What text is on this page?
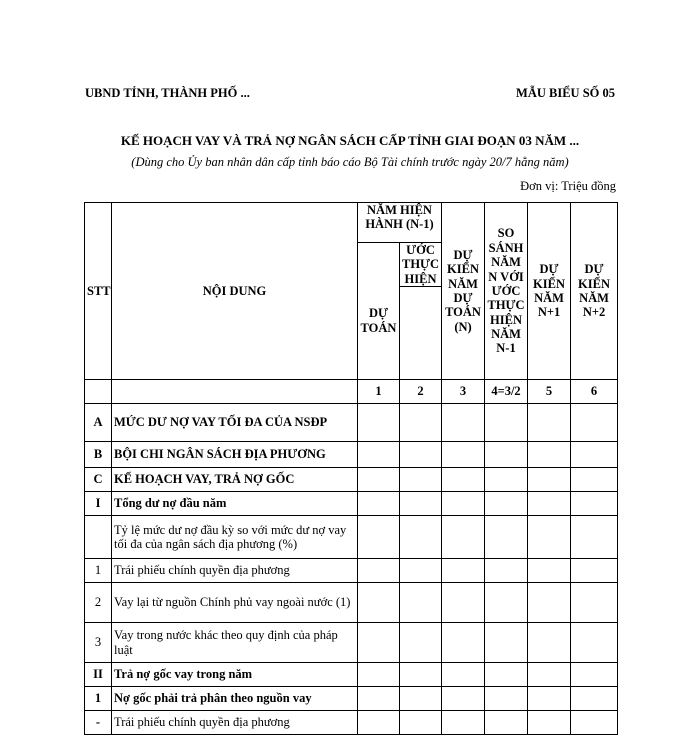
UBND TỈNH, THÀNH PHỐ ...	MẪU BIỂU SỐ 05
KẾ HOẠCH VAY VÀ TRẢ NỢ NGÂN SÁCH CẤP TỈNH GIAI ĐOẠN 03 NĂM ...
(Dùng cho Ủy ban nhân dân cấp tỉnh báo cáo Bộ Tài chính trước ngày 20/7 hằng năm)
Đơn vị: Triệu đồng
STT	NỘI DUNG	NĂM HIỆN HÀNH (N-1)		DỰ KIẾN NĂM DỰ TOÁN (N)	SO SÁNH NĂM N VỚI ƯỚC THỰC HIỆN NĂM N-1	DỰ KIẾN NĂM N+1	DỰ KIẾN NĂM N+2
		DỰ TOÁN	ƯỚC THỰC HIỆN				

		1	2	3	4=3/2	5	6
A	MỨC DƯ NỢ VAY TỐI ĐA CỦA NSĐP						
B	BỘI CHI NGÂN SÁCH ĐỊA PHƯƠNG						
C	KẾ HOẠCH VAY, TRẢ NỢ GỐC						
I	Tổng dư nợ đầu năm						
	Tỷ lệ mức dư nợ đầu kỳ so với mức dư nợ vay tối đa của ngân sách địa phương (%)						
1	Trái phiếu chính quyền địa phương						
2	Vay lại từ nguồn Chính phủ vay ngoài nước (1)						
3	Vay trong nước khác theo quy định của pháp luật						
II	Trả nợ gốc vay trong năm						
1	Nợ gốc phải trả phân theo nguồn vay						
-	Trái phiếu chính quyền địa phương						
